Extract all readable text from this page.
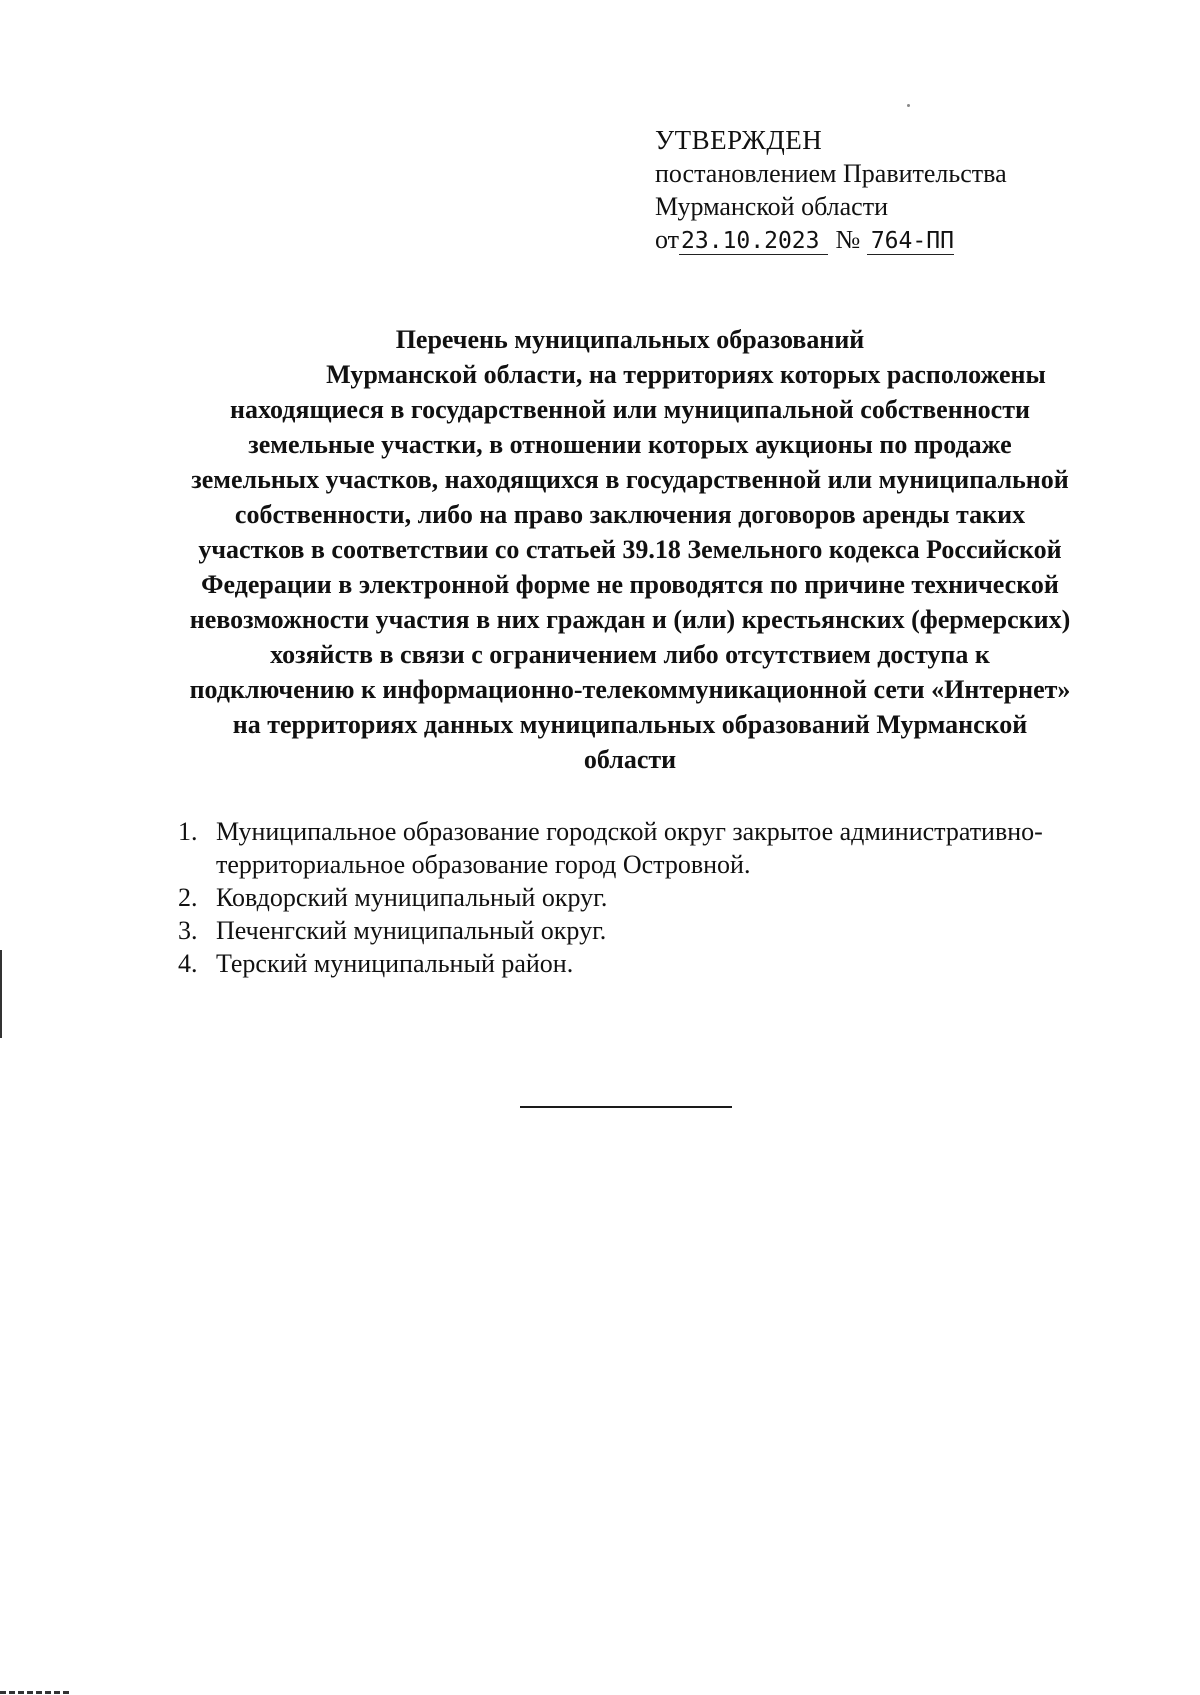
УТВЕРЖДЕН
постановлением Правительства
Мурманской области
от23.10.2023 № 764-ПП
Перечень муниципальных образований
Мурманской области, на территориях которых расположены
находящиеся в государственной или муниципальной собственности
земельные участки, в отношении которых аукционы по продаже
земельных участков, находящихся в государственной или муниципальной
собственности, либо на право заключения договоров аренды таких
участков в соответствии со статьей 39.18 Земельного кодекса Российской
Федерации в электронной форме не проводятся по причине технической
невозможности участия в них граждан и (или) крестьянских (фермерских)
хозяйств в связи с ограничением либо отсутствием доступа к
подключению к информационно-телекоммуникационной сети «Интернет»
на территориях данных муниципальных образований Мурманской
области
1. Муниципальное образование городской округ закрытое административно-
территориальное образование город Островной.
2. Ковдорский муниципальный округ.
3. Печенгский муниципальный округ.
4. Терский муниципальный район.
